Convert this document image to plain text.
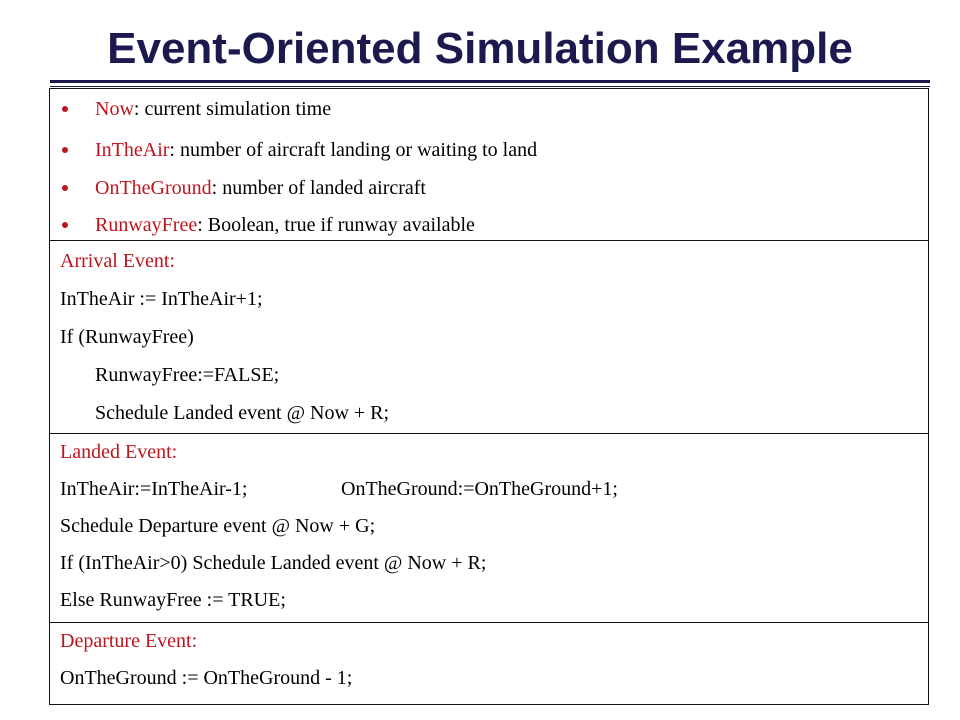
Event-Oriented Simulation Example
Now: current simulation time
InTheAir: number of aircraft landing or waiting to land
OnTheGround: number of landed aircraft
RunwayFree: Boolean, true if runway available
Arrival Event:
InTheAir := InTheAir+1;
If (RunwayFree)
RunwayFree:=FALSE;
Schedule Landed event @ Now + R;
Landed Event:
InTheAir:=InTheAir-1;	OnTheGround:=OnTheGround+1;
Schedule Departure event @ Now + G;
If (InTheAir>0) Schedule Landed event @ Now + R;
Else RunwayFree := TRUE;
Departure Event:
OnTheGround := OnTheGround - 1;
